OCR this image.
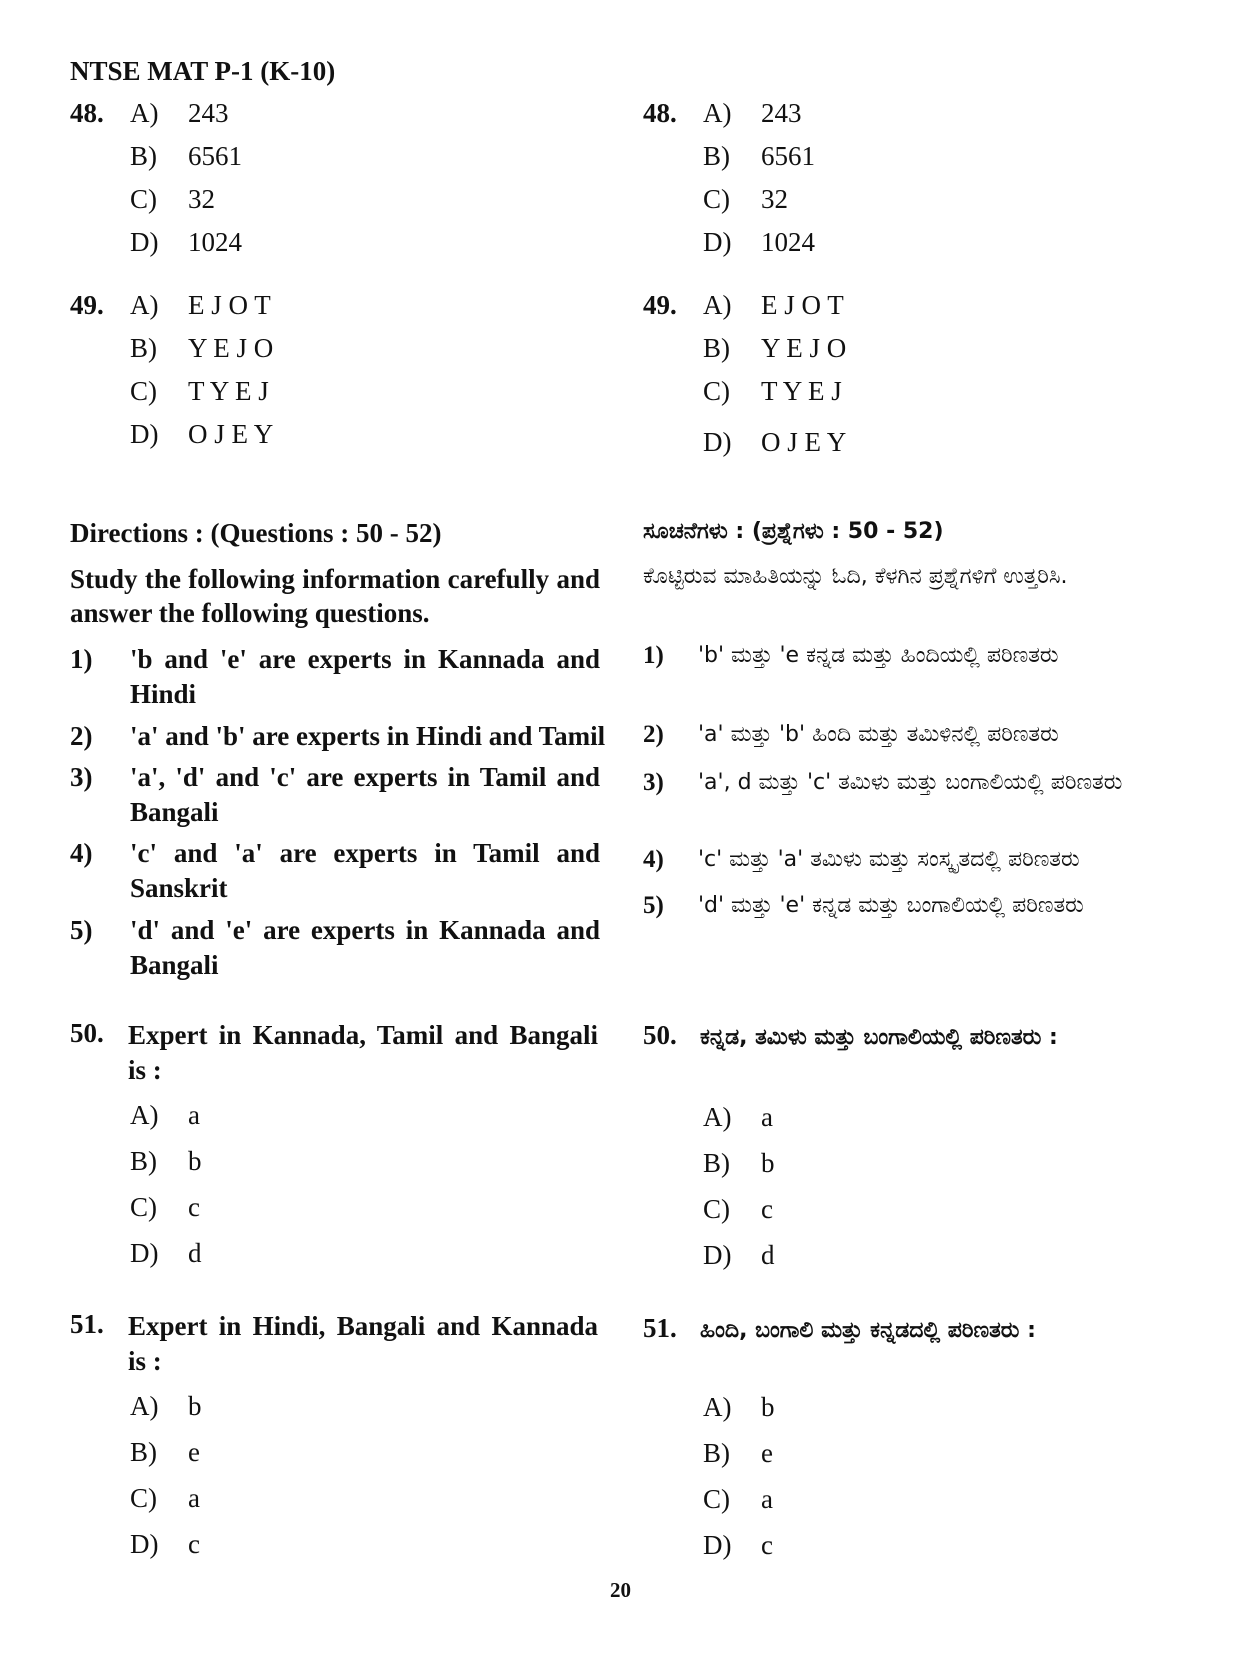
NTSE MAT P-1 (K-10)
48. A) 243
B) 6561
C) 32
D) 1024
49. A) E J O T
B) Y E J O
C) T Y E J
D) O J E Y
Directions : (Questions : 50 - 52)
Study the following information carefully and answer the following questions.
1) 'b and 'e' are experts in Kannada and Hindi
2) 'a' and 'b' are experts in Hindi and Tamil
3) 'a', 'd' and 'c' are experts in Tamil and Bangali
4) 'c' and 'a' are experts in Tamil and Sanskrit
5) 'd' and 'e' are experts in Kannada and Bangali
50. Expert in Kannada, Tamil and Bangali is :
A) a
B) b
C) c
D) d
51. Expert in Hindi, Bangali and Kannada is :
A) b
B) e
C) a
D) c
48. A) 243
B) 6561
C) 32
D) 1024
49. A) E J O T
B) Y E J O
C) T Y E J
D) O J E Y
ಸೂಚನೆಗಳು : (ಪ್ರಶ್ನೆಗಳು : 50 - 52)
ಕೊಟ್ಟಿರುವ ಮಾಹಿತಿಯನ್ನು ಓದಿ, ಕೆಳಗಿನ ಪ್ರಶ್ನೆಗಳಿಗೆ ಉತ್ತರಿಸಿ.
1) 'b' ಮತ್ತು 'e ಕನ್ನಡ ಮತ್ತು ಹಿಂದಿಯಲ್ಲಿ ಪರಿಣತರು
2) 'a' ಮತ್ತು 'b' ಹಿಂದಿ ಮತ್ತು ತಮಿಳಿನಲ್ಲಿ ಪರಿಣತರು
3) 'a', d ಮತ್ತು 'c' ತಮಿಳು ಮತ್ತು ಬಂಗಾಲಿಯಲ್ಲಿ ಪರಿಣತರು
4) 'c' ಮತ್ತು 'a' ತಮಿಳು ಮತ್ತು ಸಂಸ್ಕೃತದಲ್ಲಿ ಪರಿಣತರು
5) 'd' ಮತ್ತು 'e' ಕನ್ನಡ ಮತ್ತು ಬಂಗಾಲಿಯಲ್ಲಿ ಪರಿಣತರು
50. ಕನ್ನಡ, ತಮಿಳು ಮತ್ತು ಬಂಗಾಲಿಯಲ್ಲಿ ಪರಿಣತರು :
A) a
B) b
C) c
D) d
51. ಹಿಂದಿ, ಬಂಗಾಲಿ ಮತ್ತು ಕನ್ನಡದಲ್ಲಿ ಪರಿಣತರು :
A) b
B) e
C) a
D) c
20
